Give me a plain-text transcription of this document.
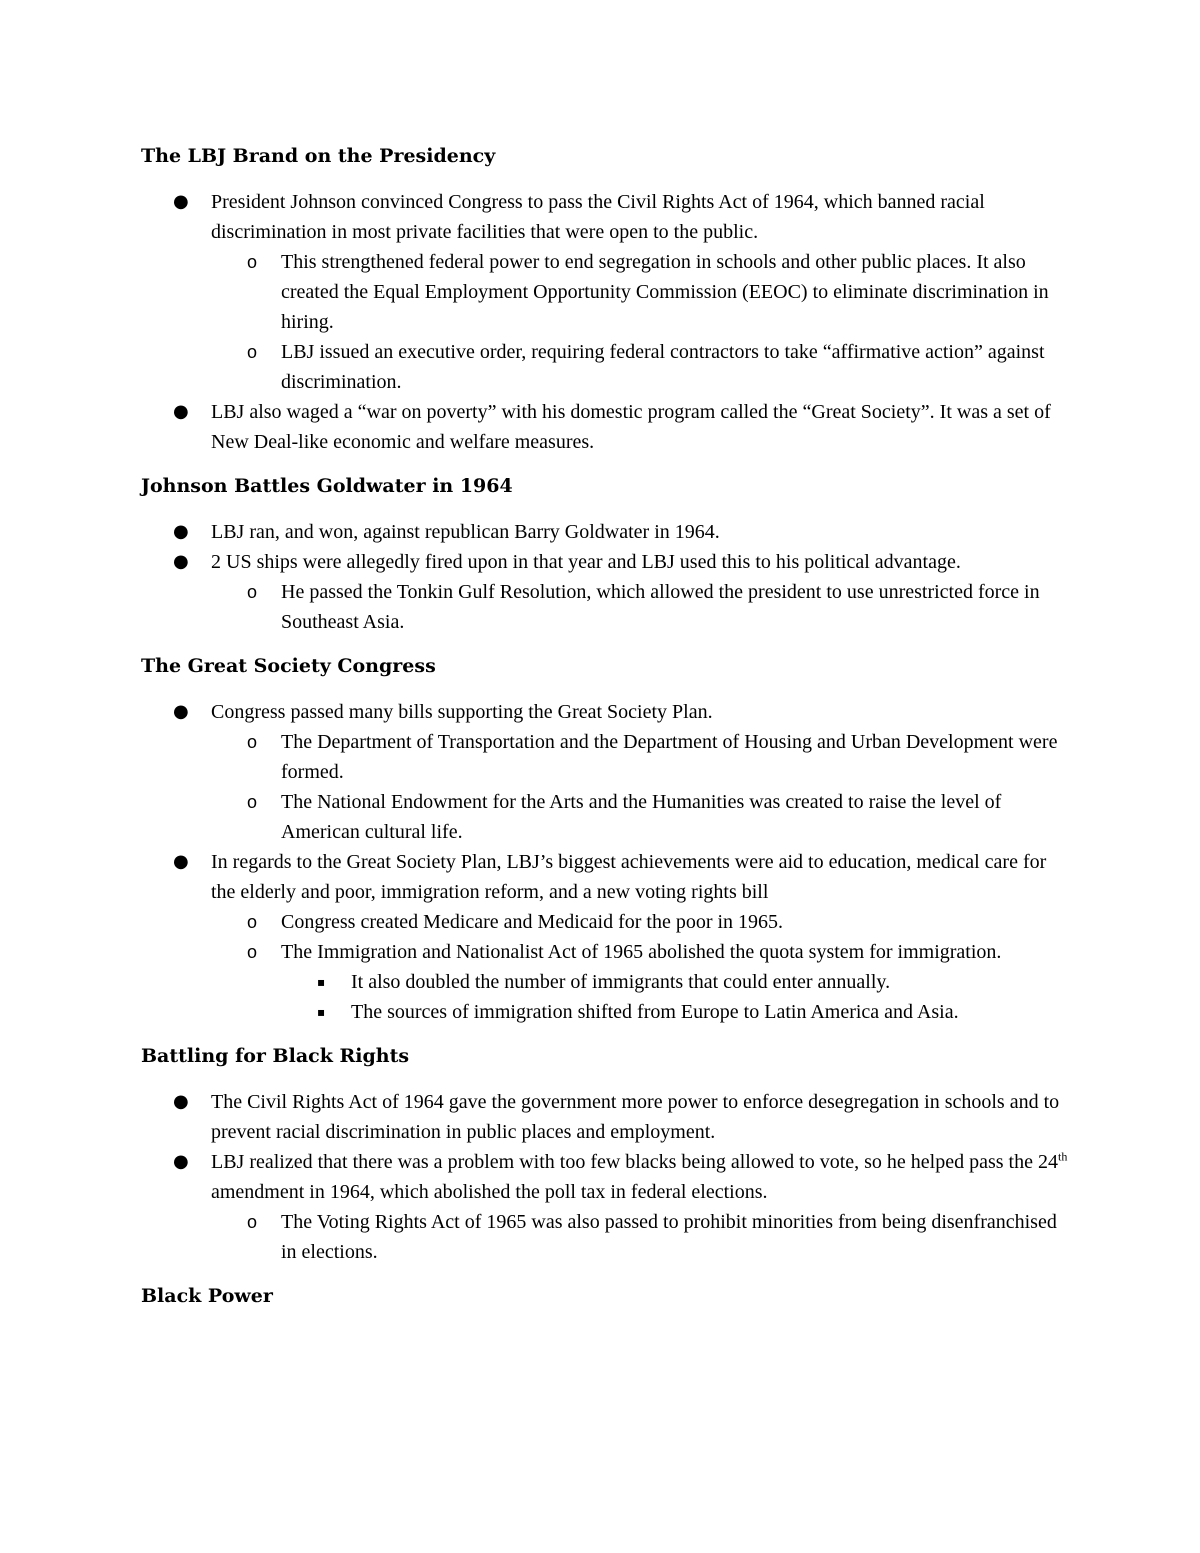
The LBJ Brand on the Presidency
● President Johnson convinced Congress to pass the Civil Rights Act of 1964, which banned racial discrimination in most private facilities that were open to the public.
o This strengthened federal power to end segregation in schools and other public places. It also created the Equal Employment Opportunity Commission (EEOC) to eliminate discrimination in hiring.
o LBJ issued an executive order, requiring federal contractors to take “affirmative action” against discrimination.
● LBJ also waged a “war on poverty” with his domestic program called the “Great Society”. It was a set of New Deal-like economic and welfare measures.
Johnson Battles Goldwater in 1964
● LBJ ran, and won, against republican Barry Goldwater in 1964.
● 2 US ships were allegedly fired upon in that year and LBJ used this to his political advantage.
o He passed the Tonkin Gulf Resolution, which allowed the president to use unrestricted force in Southeast Asia.
The Great Society Congress
● Congress passed many bills supporting the Great Society Plan.
o The Department of Transportation and the Department of Housing and Urban Development were formed.
o The National Endowment for the Arts and the Humanities was created to raise the level of American cultural life.
● In regards to the Great Society Plan, LBJ’s biggest achievements were aid to education, medical care for the elderly and poor, immigration reform, and a new voting rights bill
o Congress created Medicare and Medicaid for the poor in 1965.
o The Immigration and Nationalist Act of 1965 abolished the quota system for immigration.
▪ It also doubled the number of immigrants that could enter annually.
▪ The sources of immigration shifted from Europe to Latin America and Asia.
Battling for Black Rights
● The Civil Rights Act of 1964 gave the government more power to enforce desegregation in schools and to prevent racial discrimination in public places and employment.
● LBJ realized that there was a problem with too few blacks being allowed to vote, so he helped pass the 24th amendment in 1964, which abolished the poll tax in federal elections.
o The Voting Rights Act of 1965 was also passed to prohibit minorities from being disenfranchised in elections.
Black Power
